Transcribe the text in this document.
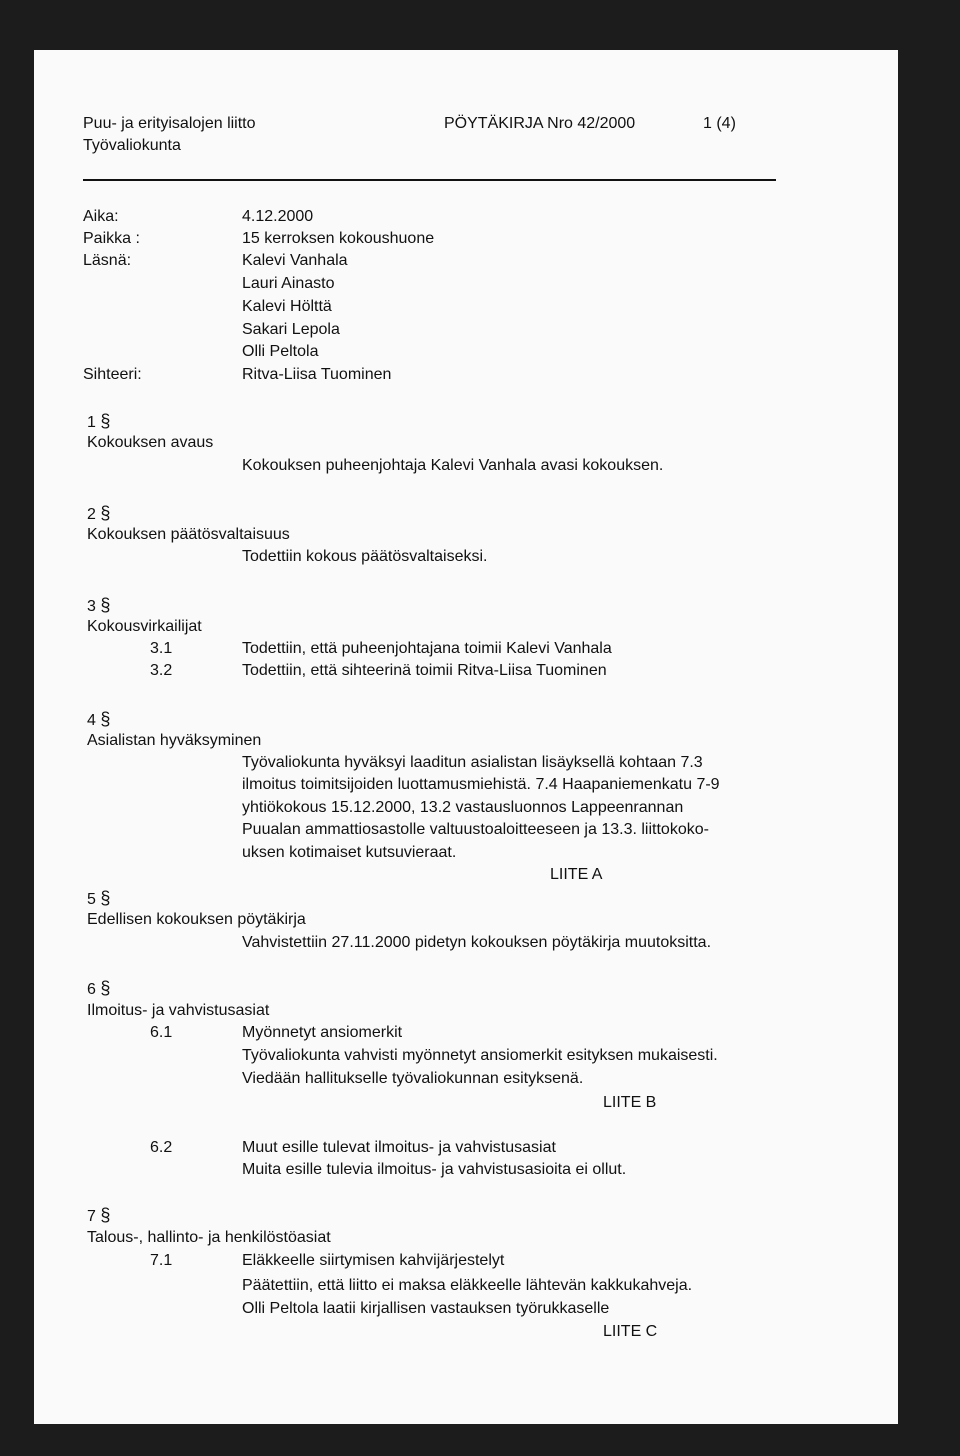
Puu- ja erityisalojen liitto
Työvaliokunta
PÖYTÄKIRJA Nro 42/2000	1 (4)
Aika:	4.12.2000
Paikka :	15 kerroksen kokoushuone
Läsnä:	Kalevi Vanhala
Lauri Ainasto
Kalevi Hölttä
Sakari Lepola
Olli Peltola
Sihteeri:	Ritva-Liisa Tuominen
1 §
Kokouksen avaus
Kokouksen puheenjohtaja Kalevi Vanhala avasi kokouksen.
2 §
Kokouksen päätösvaltaisuus
Todettiin kokous päätösvaltaiseksi.
3 §
Kokousvirkailijat
3.1	Todettiin, että puheenjohtajana toimii Kalevi Vanhala
3.2	Todettiin, että sihteerinä toimii Ritva-Liisa Tuominen
4 §
Asialistan hyväksyminen
Työvaliokunta hyväksyi laaditun asialistan lisäyksellä kohtaan 7.3
ilmoitus toimitsijoiden luottamusmiehistä. 7.4 Haapaniemenkatu 7-9
yhtiökokous 15.12.2000, 13.2 vastausluonnos Lappeenrannan
Puualan ammattiosastolle valtuustoaloitteeseen ja 13.3. liittokoko-
uksen kotimaiset kutsuvieraat.
LIITE A
5 §
Edellisen kokouksen pöytäkirja
Vahvistettiin 27.11.2000 pidetyn kokouksen pöytäkirja muutoksitta.
6 §
Ilmoitus- ja vahvistusasiat
6.1	Myönnetyt ansiomerkit
Työvaliokunta vahvisti myönnetyt ansiomerkit esityksen mukaisesti.
Viedään hallitukselle työvaliokunnan esityksenä.
LIITE B
6.2	Muut esille tulevat ilmoitus- ja vahvistusasiat
Muita esille tulevia ilmoitus- ja vahvistusasioita ei ollut.
7 §
Talous-, hallinto- ja henkilöstöasiat
7.1	Eläkkeelle siirtymisen kahvijärjestelyt
Päätettiin, että liitto ei maksa eläkkeelle lähtevän kakkukahveja.
Olli Peltola laatii kirjallisen vastauksen työrukkaselle
LIITE C
